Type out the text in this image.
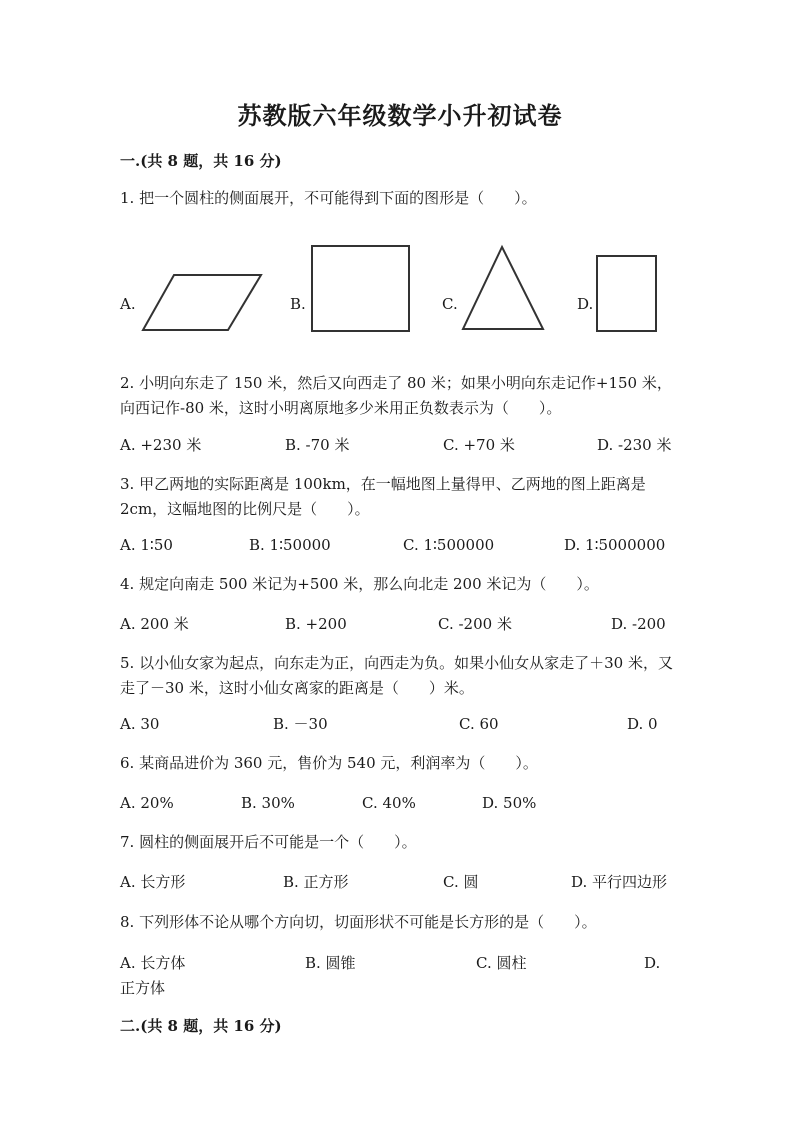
苏教版六年级数学小升初试卷
一.(共 8 题，共 16 分)
1. 把一个圆柱的侧面展开，不可能得到下面的图形是（　　）。
A.	B.	C.	D.
2. 小明向东走了 150 米，然后又向西走了 80 米；如果小明向东走记作+150 米，向西记作-80 米，这时小明离原地多少米用正负数表示为（　　）。
A. +230 米	B. -70 米	C. +70 米	D. -230 米
3. 甲乙两地的实际距离是 100km，在一幅地图上量得甲、乙两地的图上距离是 2cm，这幅地图的比例尺是（　　）。
A. 1∶50	B. 1∶50000	C. 1∶500000	D. 1∶5000000
4. 规定向南走 500 米记为+500 米，那么向北走 200 米记为（　　）。
A. 200 米	B. +200	C. -200 米	D. -200
5. 以小仙女家为起点，向东走为正，向西走为负。如果小仙女从家走了＋30 米，又走了－30 米，这时小仙女离家的距离是（　　）米。
A. 30	B. －30	C. 60	D. 0
6. 某商品进价为 360 元，售价为 540 元，利润率为（　　）。
A. 20%	B. 30%	C. 40%	D. 50%
7. 圆柱的侧面展开后不可能是一个（　　）。
A. 长方形	B. 正方形	C. 圆	D. 平行四边形
8. 下列形体不论从哪个方向切，切面形状不可能是长方形的是（　　）。
A. 长方体	B. 圆锥	C. 圆柱	D. 正方体
二.(共 8 题，共 16 分)
